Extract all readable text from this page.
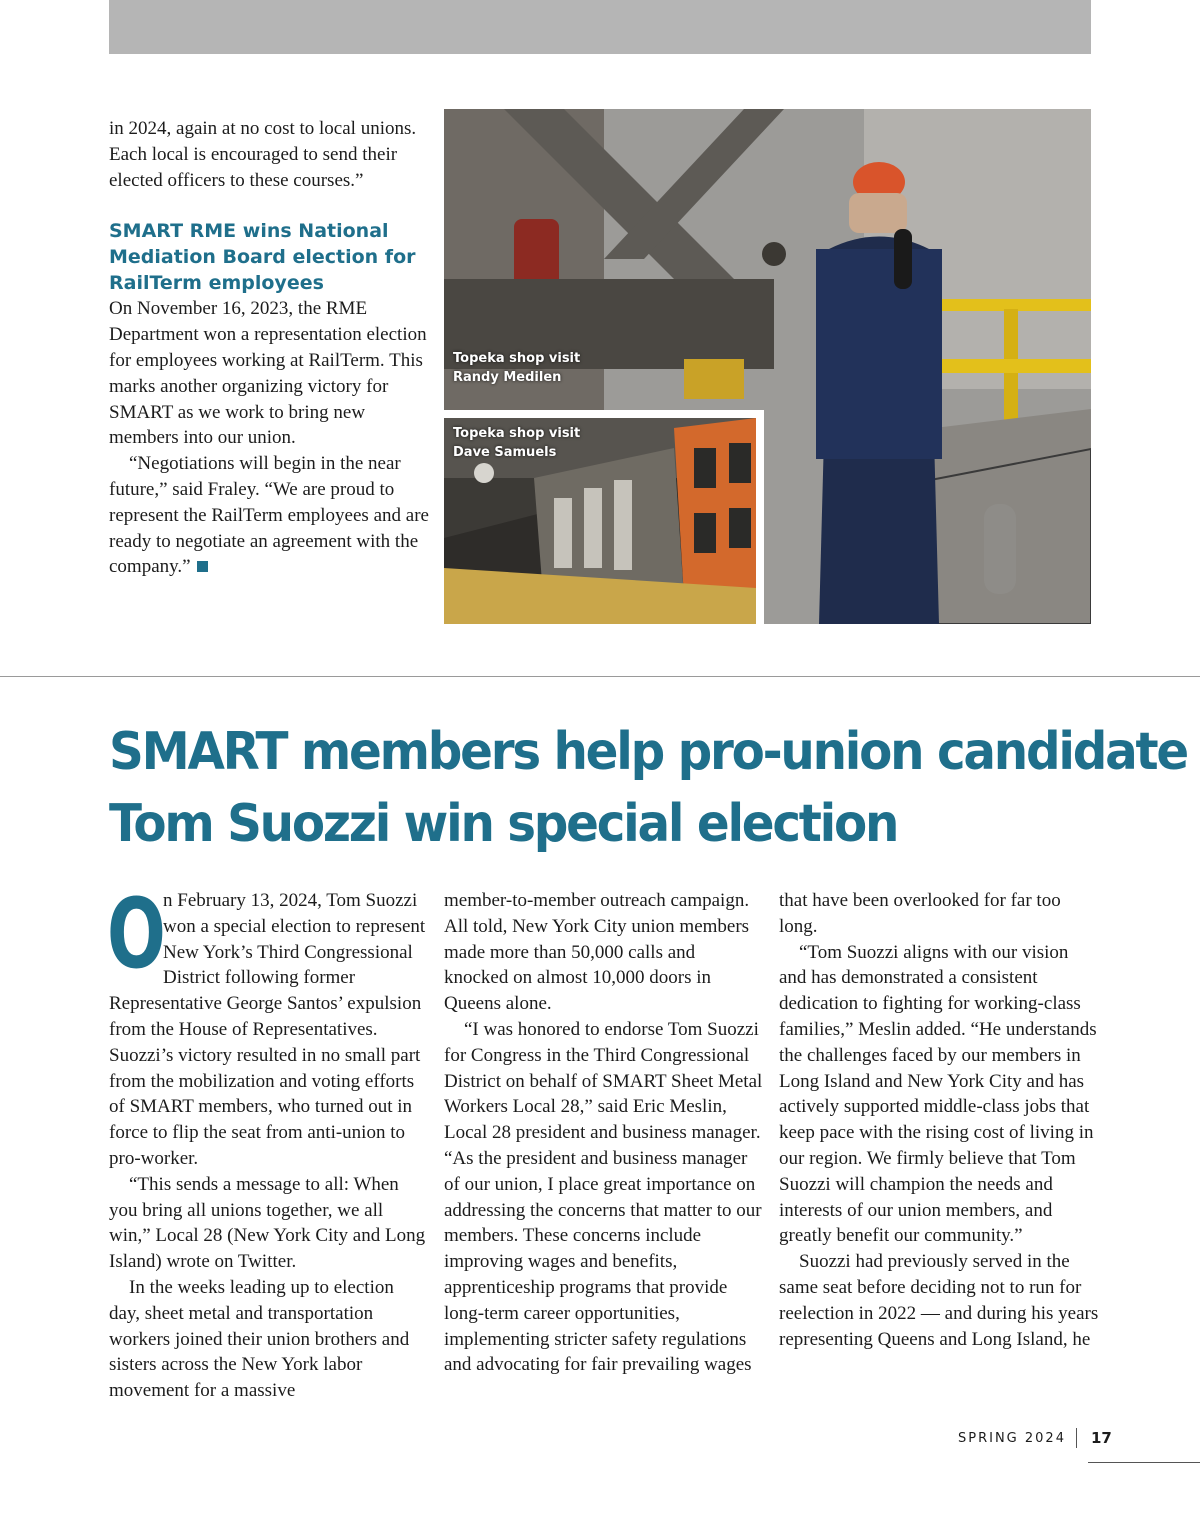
in 2024, again at no cost to local unions. Each local is encouraged to send their elected officers to these courses.”

SMART RME wins National Mediation Board election for RailTerm employees

On November 16, 2023, the RME Department won a representation election for employees working at RailTerm. This marks another organizing victory for SMART as we work to bring new members into our union.

“Negotiations will begin in the near future,” said Fraley. “We are proud to represent the RailTerm employees and are ready to negotiate an agreement with the company.”

Topeka shop visit
Randy Medilen
Topeka shop visit
Dave Samuels
SMART members help pro-union candidate
Tom Suozzi win special election

O
n February 13, 2024, Tom Suozzi won a special election to represent New York’s Third Congressional District following former Representative George Santos’ expulsion from the House of Representatives. Suozzi’s victory resulted in no small part from the mobilization and voting efforts of SMART members, who turned out in force to flip the seat from anti-union to pro-worker.

“This sends a message to all: When you bring all unions together, we all win,” Local 28 (New York City and Long Island) wrote on Twitter.

In the weeks leading up to election day, sheet metal and transportation workers joined their union brothers and sisters across the New York labor movement for a massive

member-to-member outreach campaign. All told, New York City union members made more than 50,000 calls and knocked on almost 10,000 doors in Queens alone.

“I was honored to endorse Tom Suozzi for Congress in the Third Congressional District on behalf of SMART Sheet Metal Workers Local 28,” said Eric Meslin, Local 28 president and business manager. “As the president and business manager of our union, I place great importance on addressing the concerns that matter to our members. These concerns include improving wages and benefits, apprenticeship programs that provide long-term career opportunities, implementing stricter safety regulations and advocating for fair prevailing wages

that have been overlooked for far too long.

“Tom Suozzi aligns with our vision and has demonstrated a consistent dedication to fighting for working-class families,” Meslin added. “He understands the challenges faced by our members in Long Island and New York City and has actively supported middle-class jobs that keep pace with the rising cost of living in our region. We firmly believe that Tom Suozzi will champion the needs and interests of our union members, and greatly benefit our community.”

Suozzi had previously served in the same seat before deciding not to run for reelection in 2022 — and during his years representing Queens and Long Island, he

SPRING 2024 17
